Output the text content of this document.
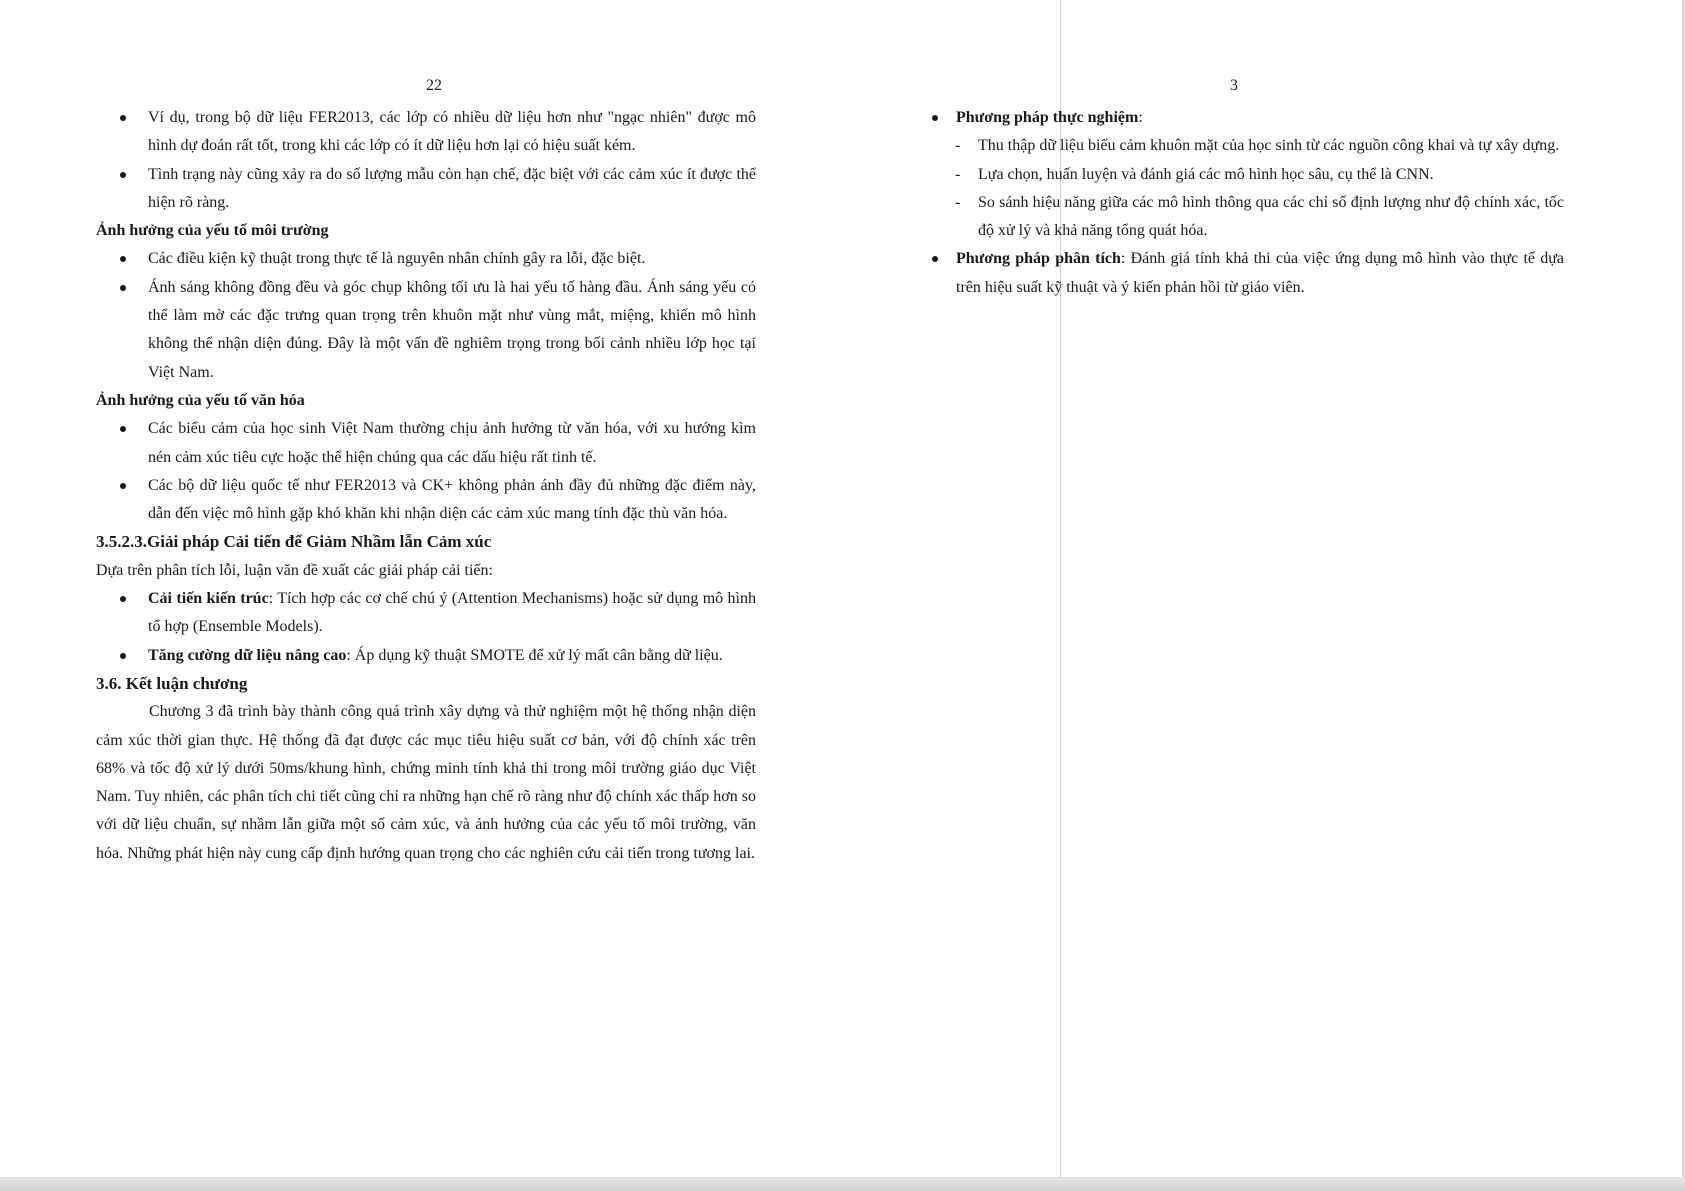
22
Ví dụ, trong bộ dữ liệu FER2013, các lớp có nhiều dữ liệu hơn như "ngạc nhiên" được mô hình dự đoán rất tốt, trong khi các lớp có ít dữ liệu hơn lại có hiệu suất kém.
Tình trạng này cũng xảy ra do số lượng mẫu còn hạn chế, đặc biệt với các cảm xúc ít được thể hiện rõ ràng.
Ảnh hưởng của yếu tố môi trường
Các điều kiện kỹ thuật trong thực tế là nguyên nhân chính gây ra lỗi, đặc biệt.
Ánh sáng không đồng đều và góc chụp không tối ưu là hai yếu tố hàng đầu. Ánh sáng yếu có thể làm mờ các đặc trưng quan trọng trên khuôn mặt như vùng mắt, miệng, khiến mô hình không thể nhận diện đúng. Đây là một vấn đề nghiêm trọng trong bối cảnh nhiều lớp học tại Việt Nam.
Ảnh hưởng của yếu tố văn hóa
Các biểu cảm của học sinh Việt Nam thường chịu ảnh hưởng từ văn hóa, với xu hướng kìm nén cảm xúc tiêu cực hoặc thể hiện chúng qua các dấu hiệu rất tinh tế.
Các bộ dữ liệu quốc tế như FER2013 và CK+ không phản ánh đầy đủ những đặc điểm này, dẫn đến việc mô hình gặp khó khăn khi nhận diện các cảm xúc mang tính đặc thù văn hóa.
3.5.2.3.Giải pháp Cải tiến để Giảm Nhầm lẫn Cảm xúc

Dựa trên phân tích lỗi, luận văn đề xuất các giải pháp cải tiến:

Cải tiến kiến trúc: Tích hợp các cơ chế chú ý (Attention Mechanisms) hoặc sử dụng mô hình tổ hợp (Ensemble Models).
Tăng cường dữ liệu nâng cao: Áp dụng kỹ thuật SMOTE để xử lý mất cân bằng dữ liệu.
3.6. Kết luận chương

Chương 3 đã trình bày thành công quá trình xây dựng và thử nghiệm một hệ thống nhận diện cảm xúc thời gian thực. Hệ thống đã đạt được các mục tiêu hiệu suất cơ bản, với độ chính xác trên 68% và tốc độ xử lý dưới 50ms/khung hình, chứng minh tính khả thi trong môi trường giáo dục Việt Nam. Tuy nhiên, các phân tích chi tiết cũng chỉ ra những hạn chế rõ ràng như độ chính xác thấp hơn so với dữ liệu chuẩn, sự nhầm lẫn giữa một số cảm xúc, và ảnh hưởng của các yếu tố môi trường, văn hóa. Những phát hiện này cung cấp định hướng quan trọng cho các nghiên cứu cải tiến trong tương lai.

3
Phương pháp thực nghiệm:
- Thu thập dữ liệu biểu cảm khuôn mặt của học sinh từ các nguồn công khai và tự xây dựng.
- Lựa chọn, huấn luyện và đánh giá các mô hình học sâu, cụ thể là CNN.
- So sánh hiệu năng giữa các mô hình thông qua các chỉ số định lượng như độ chính xác, tốc độ xử lý và khả năng tổng quát hóa.
Phương pháp phân tích: Đánh giá tính khả thi của việc ứng dụng mô hình vào thực tế dựa trên hiệu suất kỹ thuật và ý kiến phản hồi từ giáo viên.
